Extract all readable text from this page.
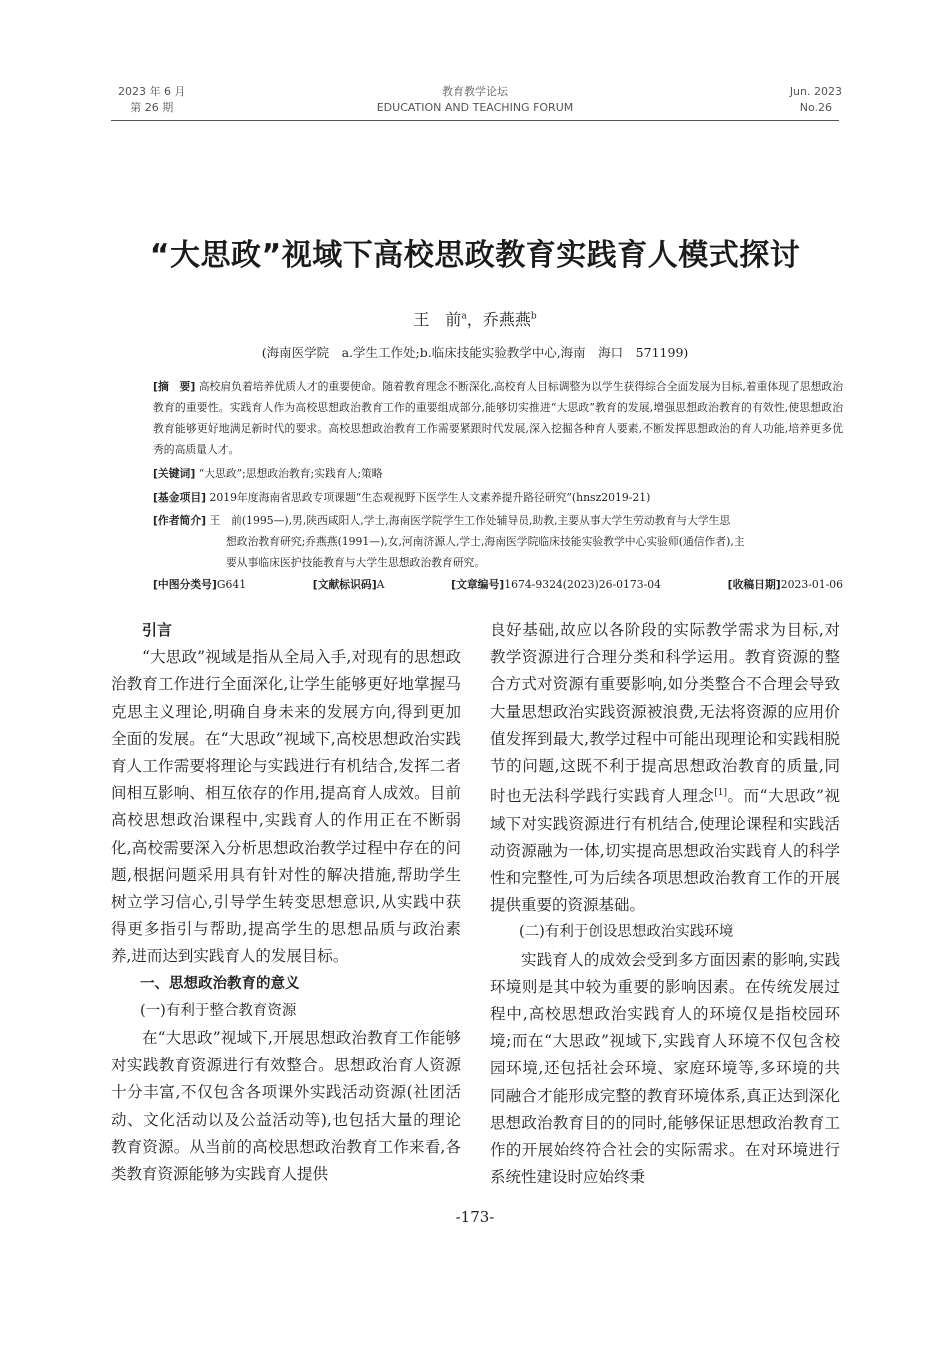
2023 年 6 月
第 26 期
教育教学论坛
EDUCATION AND TEACHING FORUM
Jun. 2023
No.26
“大思政”视域下高校思政教育实践育人模式探讨
王　前$^a$，乔燕燕$^b$
(海南医学院　a.学生工作处;b.临床技能实验教学中心,海南　海口　571199)
[摘　要] 高校肩负着培养优质人才的重要使命。随着教育理念不断深化,高校育人目标调整为以学生获得综合全面发展为目标,着重体现了思想政治教育的重要性。实践育人作为高校思想政治教育工作的重要组成部分,能够切实推进“大思政”教育的发展,增强思想政治教育的有效性,使思想政治教育能够更好地满足新时代的要求。高校思想政治教育工作需要紧跟时代发展,深入挖掘各种育人要素,不断发挥思想政治的育人功能,培养更多优秀的高质量人才。
[关键词] “大思政”;思想政治教育;实践育人;策略
[基金项目] 2019年度海南省思政专项课题“生态观视野下医学生人文素养提升路径研究”(hnsz2019-21)
[作者简介] 王　前(1995—),男,陕西咸阳人,学士,海南医学院学生工作处辅导员,助教,主要从事大学生劳动教育与大学生思
想政治教育研究;乔燕燕(1991—),女,河南济源人,学士,海南医学院临床技能实验教学中心实验师(通信作者),主
要从事临床医护技能教育与大学生思想政治教育研究。
[中图分类号]G641	[文献标识码]A	[文章编号]1674-9324(2023)26-0173-04	[收稿日期]2023-01-06
引言

“大思政”视域是指从全局入手,对现有的思想政治教育工作进行全面深化,让学生能够更好地掌握马克思主义理论,明确自身未来的发展方向,得到更加全面的发展。在“大思政”视域下,高校思想政治实践育人工作需要将理论与实践进行有机结合,发挥二者间相互影响、相互依存的作用,提高育人成效。目前高校思想政治课程中,实践育人的作用正在不断弱化,高校需要深入分析思想政治教学过程中存在的问题,根据问题采用具有针对性的解决措施,帮助学生树立学习信心,引导学生转变思想意识,从实践中获得更多指引与帮助,提高学生的思想品质与政治素养,进而达到实践育人的发展目标。

一、思想政治教育的意义
(一)有利于整合教育资源

在“大思政”视域下,开展思想政治教育工作能够对实践教育资源进行有效整合。思想政治育人资源十分丰富,不仅包含各项课外实践活动资源(社团活动、文化活动以及公益活动等),也包括大量的理论教育资源。从当前的高校思想政治教育工作来看,各类教育资源能够为实践育人提供

良好基础,故应以各阶段的实际教学需求为目标,对教学资源进行合理分类和科学运用。教育资源的整合方式对资源有重要影响,如分类整合不合理会导致大量思想政治实践资源被浪费,无法将资源的应用价值发挥到最大,教学过程中可能出现理论和实践相脱节的问题,这既不利于提高思想政治教育的质量,同时也无法科学践行实践育人理念[1]。而“大思政”视域下对实践资源进行有机结合,使理论课程和实践活动资源融为一体,切实提高思想政治实践育人的科学性和完整性,可为后续各项思想政治教育工作的开展提供重要的资源基础。

(二)有利于创设思想政治实践环境

实践育人的成效会受到多方面因素的影响,实践环境则是其中较为重要的影响因素。在传统发展过程中,高校思想政治实践育人的环境仅是指校园环境;而在“大思政”视域下,实践育人环境不仅包含校园环境,还包括社会环境、家庭环境等,多环境的共同融合才能形成完整的教育环境体系,真正达到深化思想政治教育目的的同时,能够保证思想政治教育工作的开展始终符合社会的实际需求。在对环境进行系统性建设时应始终秉

-173-
